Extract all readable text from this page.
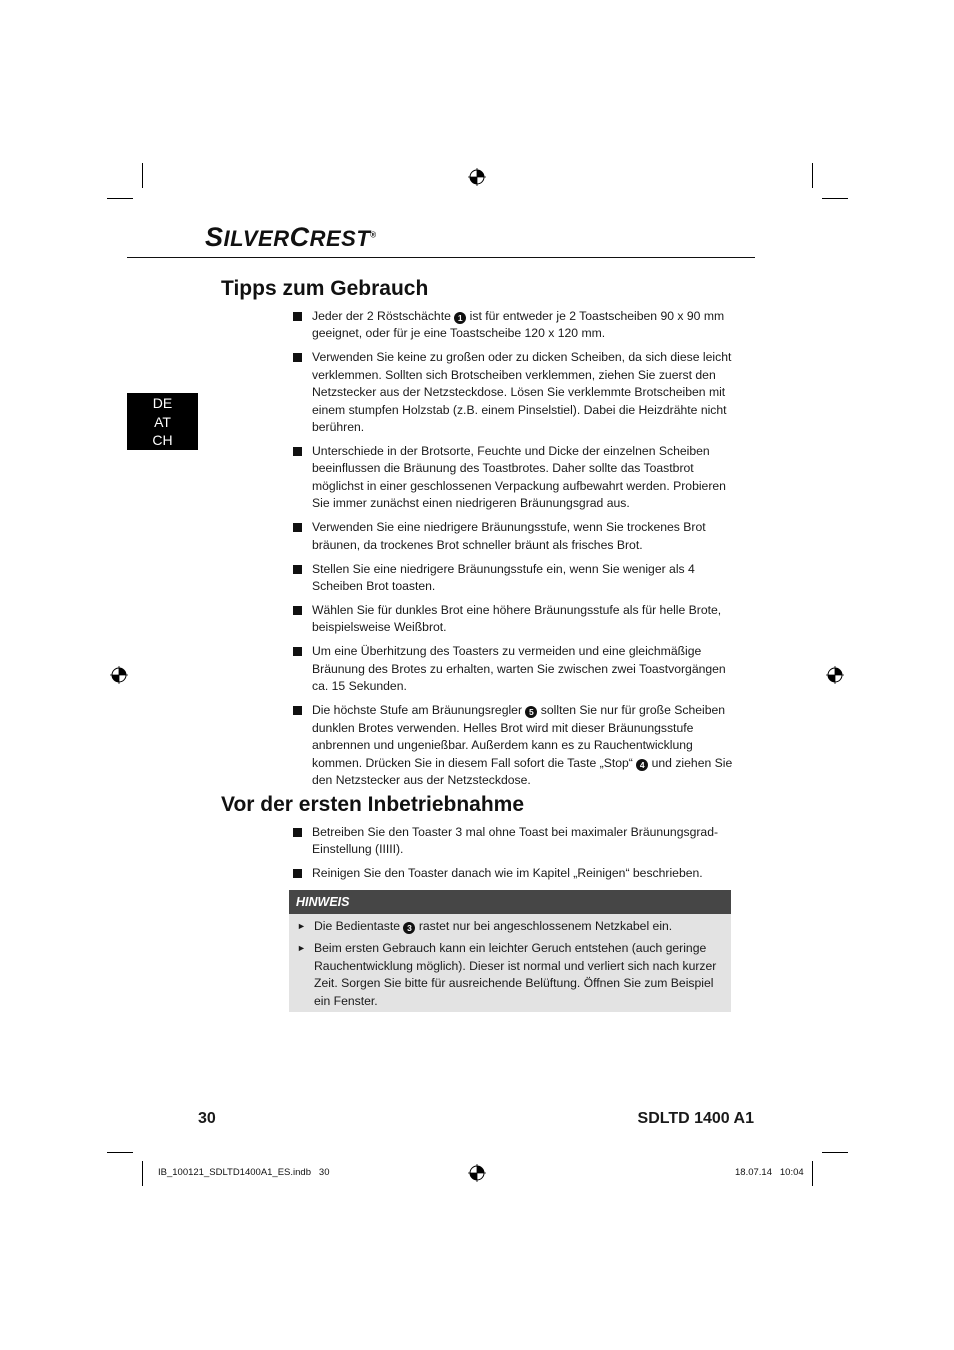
SILVERCREST®
DE
AT
CH
Tipps zum Gebrauch
Jeder der 2 Röstschächte 1 ist für entweder je 2 Toastscheiben 90 x 90 mm geeignet, oder für je eine Toastscheibe 120 x 120 mm.
Verwenden Sie keine zu großen oder zu dicken Scheiben, da sich diese leicht verklemmen. Sollten sich Brotscheiben verklemmen, ziehen Sie zuerst den Netzstecker aus der Netzsteckdose. Lösen Sie verklemmte Brotscheiben mit einem stumpfen Holzstab (z.B. einem Pinselstiel). Dabei die Heizdrähte nicht berühren.
Unterschiede in der Brotsorte, Feuchte und Dicke der einzelnen Scheiben beeinflussen die Bräunung des Toastbrotes. Daher sollte das Toastbrot möglichst in einer geschlossenen Verpackung aufbewahrt werden. Probieren Sie immer zunächst einen niedrigeren Bräunungsgrad aus.
Verwenden Sie eine niedrigere Bräunungsstufe, wenn Sie trockenes Brot bräunen, da trockenes Brot schneller bräunt als frisches Brot.
Stellen Sie eine niedrigere Bräunungsstufe ein, wenn Sie weniger als 4 Scheiben Brot toasten.
Wählen Sie für dunkles Brot eine höhere Bräunungsstufe als für helle Brote, beispielsweise Weißbrot.
Um eine Überhitzung des Toasters zu vermeiden und eine gleichmäßige Bräunung des Brotes zu erhalten, warten Sie zwischen zwei Toastvorgängen ca. 15 Sekunden.
Die höchste Stufe am Bräunungsregler 5 sollten Sie nur für große Scheiben dunklen Brotes verwenden. Helles Brot wird mit dieser Bräunungsstufe anbrennen und ungenießbar. Außerdem kann es zu Rauchentwicklung kommen. Drücken Sie in diesem Fall sofort die Taste „Stop“ 4 und ziehen Sie den Netzstecker aus der Netzsteckdose.
Vor der ersten Inbetriebnahme
Betreiben Sie den Toaster 3 mal ohne Toast bei maximaler Bräunungsgrad-Einstellung (IIIII).
Reinigen Sie den Toaster danach wie im Kapitel „Reinigen“ beschrieben.
HINWEIS
► Die Bedientaste 3 rastet nur bei angeschlossenem Netzkabel ein.
► Beim ersten Gebrauch kann ein leichter Geruch entstehen (auch geringe Rauchentwicklung möglich). Dieser ist normal und verliert sich nach kurzer Zeit. Sorgen Sie bitte für ausreichende Belüftung. Öffnen Sie zum Beispiel ein Fenster.
30	SDLTD 1400 A1
IB_100121_SDLTD1400A1_ES.indb   30	18.07.14   10:04
